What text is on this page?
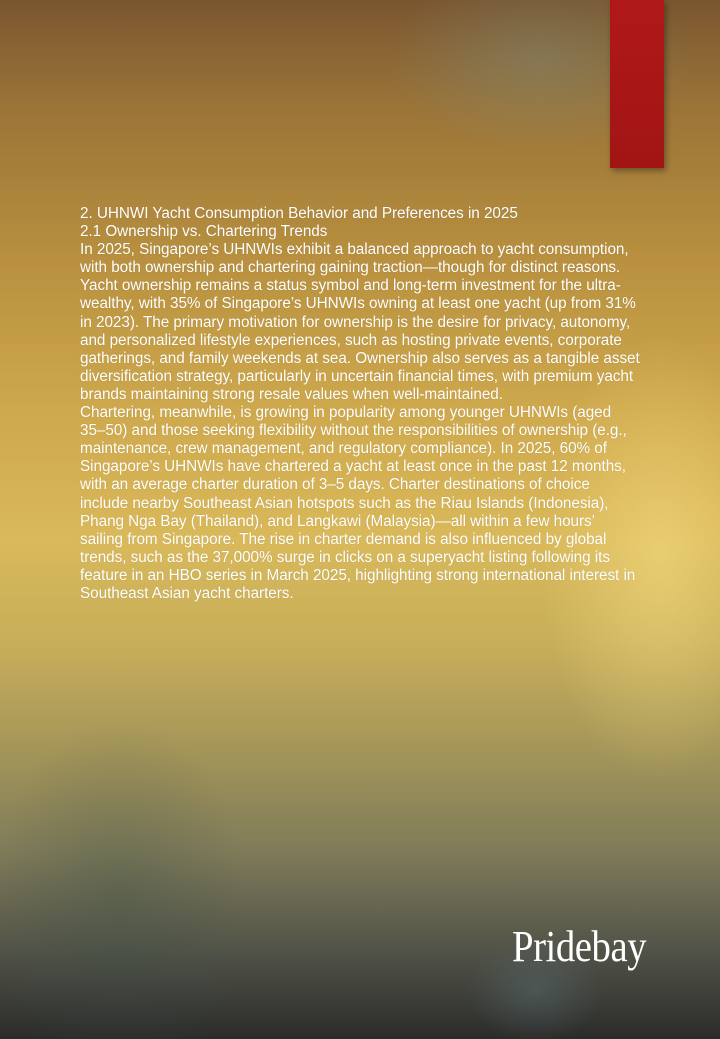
2. UHNWI Yacht Consumption Behavior and Preferences in 2025

2.1 Ownership vs. Chartering Trends

In 2025, Singapore’s UHNWIs exhibit a balanced approach to yacht consumption, with both ownership and chartering gaining traction—though for distinct reasons. Yacht ownership remains a status symbol and long-term investment for the ultra-wealthy, with 35% of Singapore’s UHNWIs owning at least one yacht (up from 31% in 2023). The primary motivation for ownership is the desire for privacy, autonomy, and personalized lifestyle experiences, such as hosting private events, corporate gatherings, and family weekends at sea. Ownership also serves as a tangible asset diversification strategy, particularly in uncertain financial times, with premium yacht brands maintaining strong resale values when well-maintained.

Chartering, meanwhile, is growing in popularity among younger UHNWIs (aged 35–50) and those seeking flexibility without the responsibilities of ownership (e.g., maintenance, crew management, and regulatory compliance). In 2025, 60% of Singapore’s UHNWIs have chartered a yacht at least once in the past 12 months, with an average charter duration of 3–5 days. Charter destinations of choice include nearby Southeast Asian hotspots such as the Riau Islands (Indonesia), Phang Nga Bay (Thailand), and Langkawi (Malaysia)—all within a few hours’ sailing from Singapore. The rise in charter demand is also influenced by global trends, such as the 37,000% surge in clicks on a superyacht listing following its feature in an HBO series in March 2025, highlighting strong international interest in Southeast Asian yacht charters.

Pridebay
